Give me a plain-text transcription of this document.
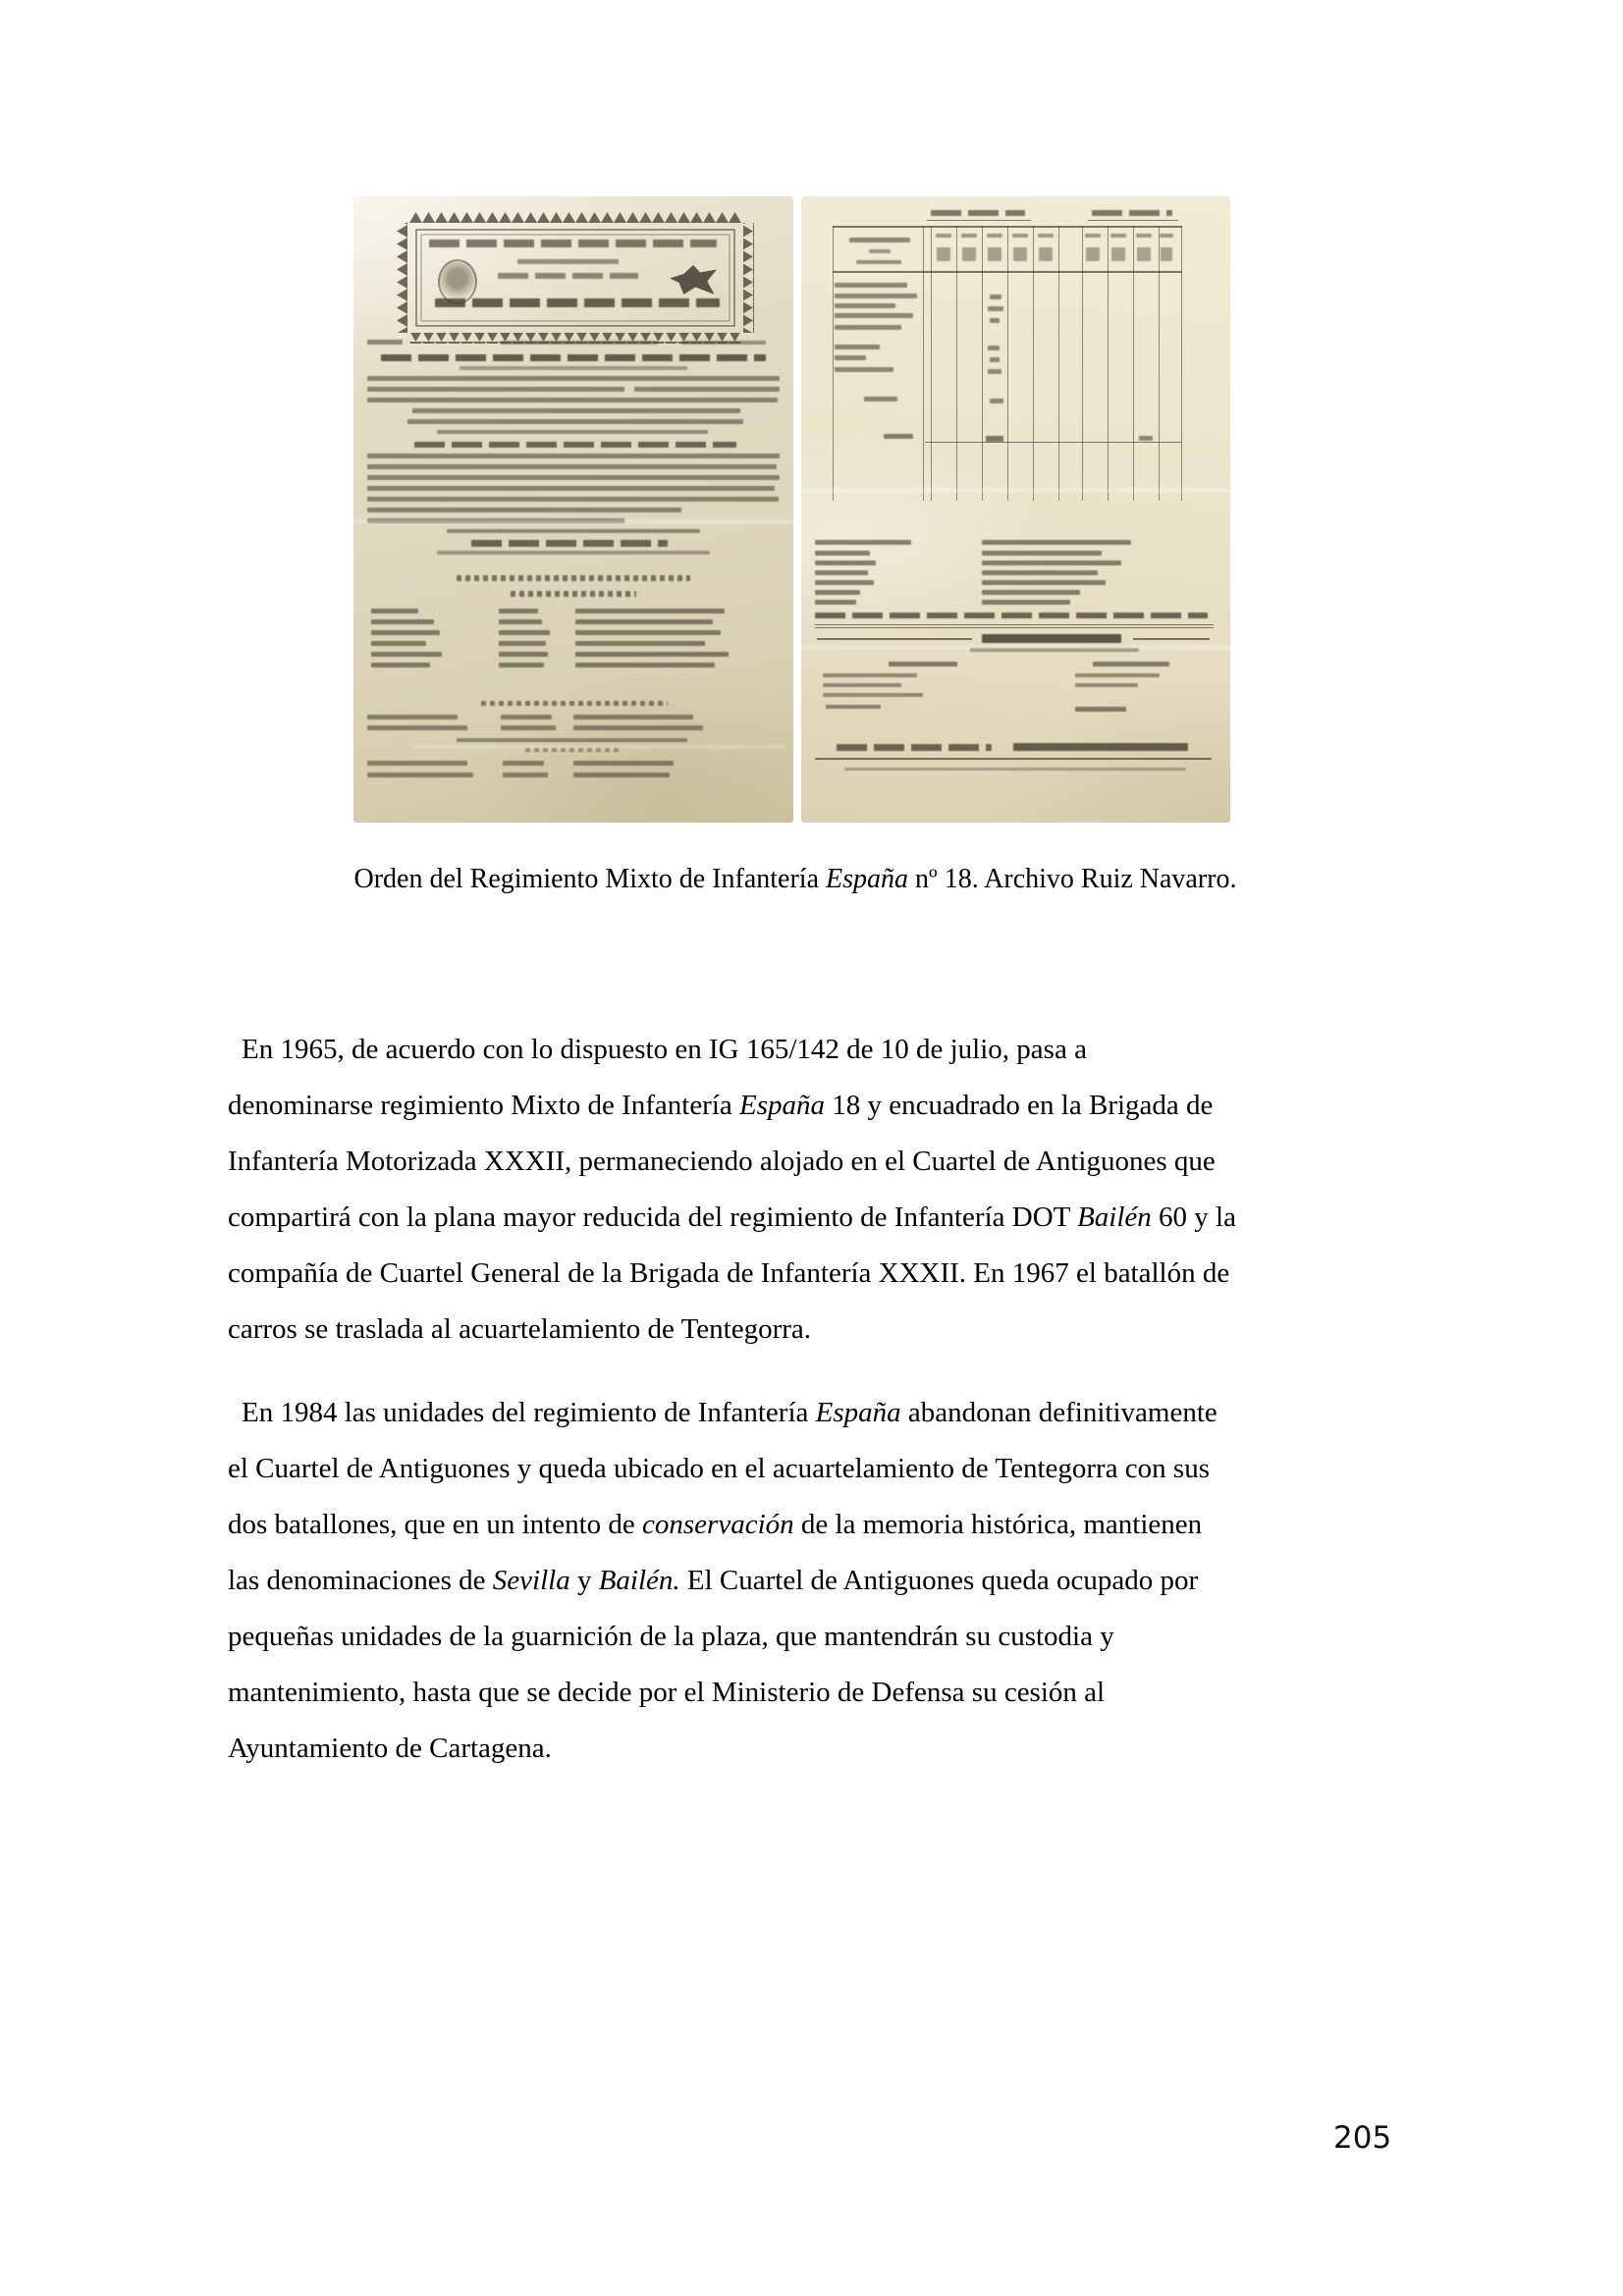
Orden del Regimiento Mixto de Infantería España nº 18. Archivo Ruiz Navarro.

En 1965, de acuerdo con lo dispuesto en IG 165/142 de 10 de julio, pasa a
denominarse regimiento Mixto de Infantería España 18 y encuadrado en la Brigada de
Infantería Motorizada XXXII, permaneciendo alojado en el Cuartel de Antiguones que
compartirá con la plana mayor reducida del regimiento de Infantería DOT Bailén 60 y la
compañía de Cuartel General de la Brigada de Infantería XXXII. En 1967 el batallón de
carros se traslada al acuartelamiento de Tentegorra.

En 1984 las unidades del regimiento de Infantería España abandonan definitivamente
el Cuartel de Antiguones y queda ubicado en el acuartelamiento de Tentegorra con sus
dos batallones, que en un intento de conservación de la memoria histórica, mantienen
las denominaciones de Sevilla y Bailén. El Cuartel de Antiguones queda ocupado por
pequeñas unidades de la guarnición de la plaza, que mantendrán su custodia y
mantenimiento, hasta que se decide por el Ministerio de Defensa su cesión al
Ayuntamiento de Cartagena.

205
